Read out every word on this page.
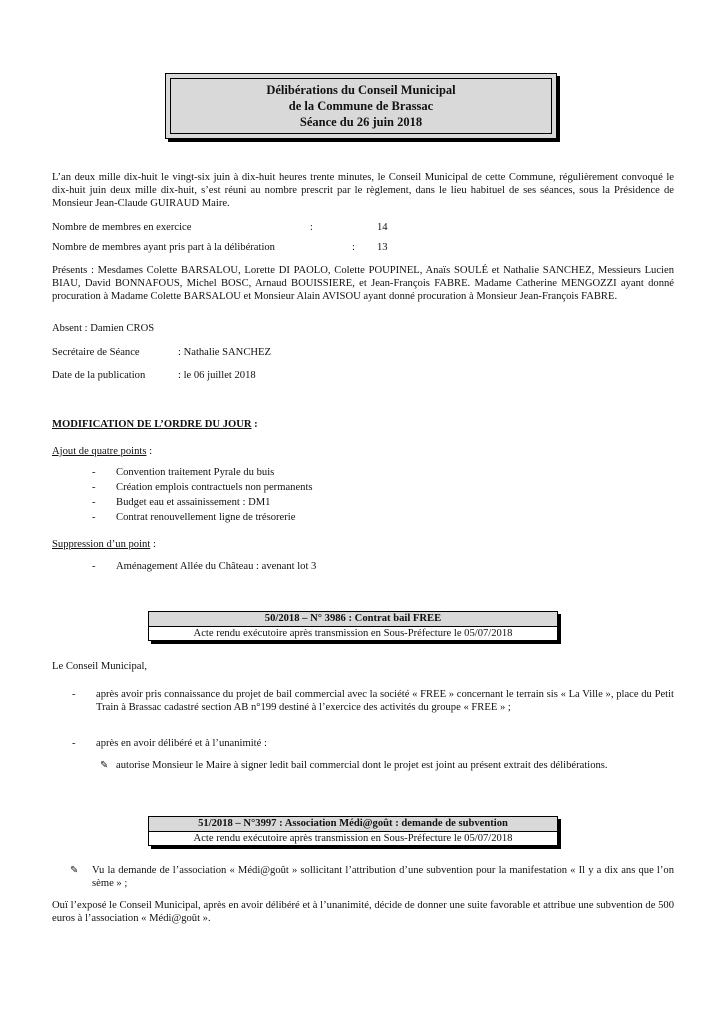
Délibérations du Conseil Municipal
de la Commune de Brassac
Séance du 26 juin 2018

L’an deux mille dix-huit le vingt-six juin à dix-huit heures trente minutes, le Conseil Municipal de cette Commune, régulièrement convoqué le dix-huit juin deux mille dix-huit, s’est réuni au nombre prescrit par le règlement, dans le lieu habituel de ses séances, sous la Présidence de Monsieur Jean-Claude GUIRAUD Maire.

Nombre de membres en exercice	:	14
Nombre de membres ayant pris part à la délibération	: 13

Présents : Mesdames Colette BARSALOU, Lorette DI PAOLO, Colette POUPINEL, Anaïs SOULÉ et Nathalie SANCHEZ, Messieurs Lucien BIAU, David BONNAFOUS, Michel BOSC, Arnaud BOUISSIERE, et Jean-François FABRE. Madame Catherine MENGOZZI ayant donné procuration à Madame Colette BARSALOU et Monsieur Alain AVISOU ayant donné procuration à Monsieur Jean-François FABRE.

Absent : Damien CROS
Secrétaire de Séance	: Nathalie SANCHEZ
Date de la publication	: le 06 juillet 2018
MODIFICATION DE L’ORDRE DU JOUR :
Ajout de quatre points :
- Convention traitement Pyrale du buis
- Création emplois contractuels non permanents
- Budget eau et assainissement : DM1
- Contrat renouvellement ligne de trésorerie
Suppression d’un point :
- Aménagement Allée du Château : avenant lot 3
50/2018 – N° 3986 : Contrat bail FREE
Acte rendu exécutoire après transmission en Sous-Préfecture le 05/07/2018
Le Conseil Municipal,
- après avoir pris connaissance du projet de bail commercial avec la société « FREE » concernant le terrain sis « La Ville », place du Petit Train à Brassac cadastré section AB n°199 destiné à l’exercice des activités du groupe « FREE » ;
- après en avoir délibéré et à l’unanimité :
✎ autorise Monsieur le Maire à signer ledit bail commercial dont le projet est joint au présent extrait des délibérations.
51/2018 – N°3997 : Association Médi@goût : demande de subvention
Acte rendu exécutoire après transmission en Sous-Préfecture le 05/07/2018
✎ Vu la demande de l’association « Médi@goût » sollicitant l’attribution d’une subvention pour la manifestation « Il y a dix ans que l’on sème » ;

Ouï l’exposé le Conseil Municipal, après en avoir délibéré et à l’unanimité, décide de donner une suite favorable et attribue une subvention de 500 euros à l’association « Médi@goût ».
